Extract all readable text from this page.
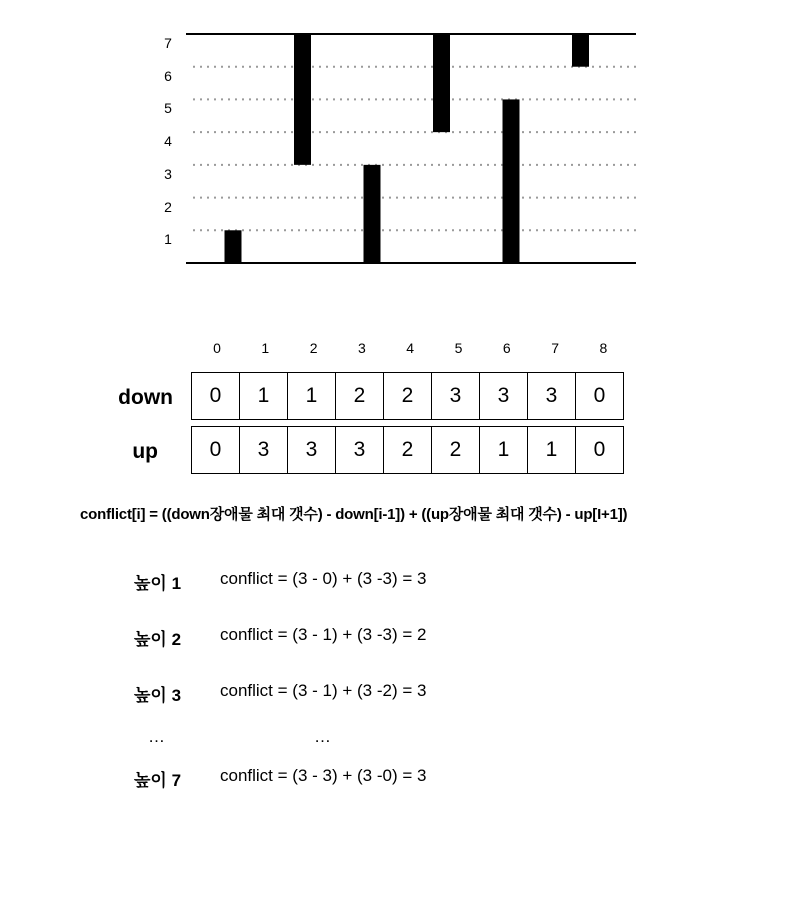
1
2
3
4
5
6
7
0	1	2	3	4	5	6	7	8
down	0	1	1	2	2	3	3	3	0
up	0	3	3	3	2	2	1	1	0
conflict[i] = ((down장애물 최대 갯수) - down[i-1]) + ((up장애물 최대 갯수) - up[I+1])
높이 1 conflict = (3 - 0) + (3 -3) = 3
높이 2 conflict = (3 - 1) + (3 -3) = 2
높이 3 conflict = (3 - 1) + (3 -2) = 3
…	…
높이 7 conflict = (3 - 3) + (3 -0) = 3
